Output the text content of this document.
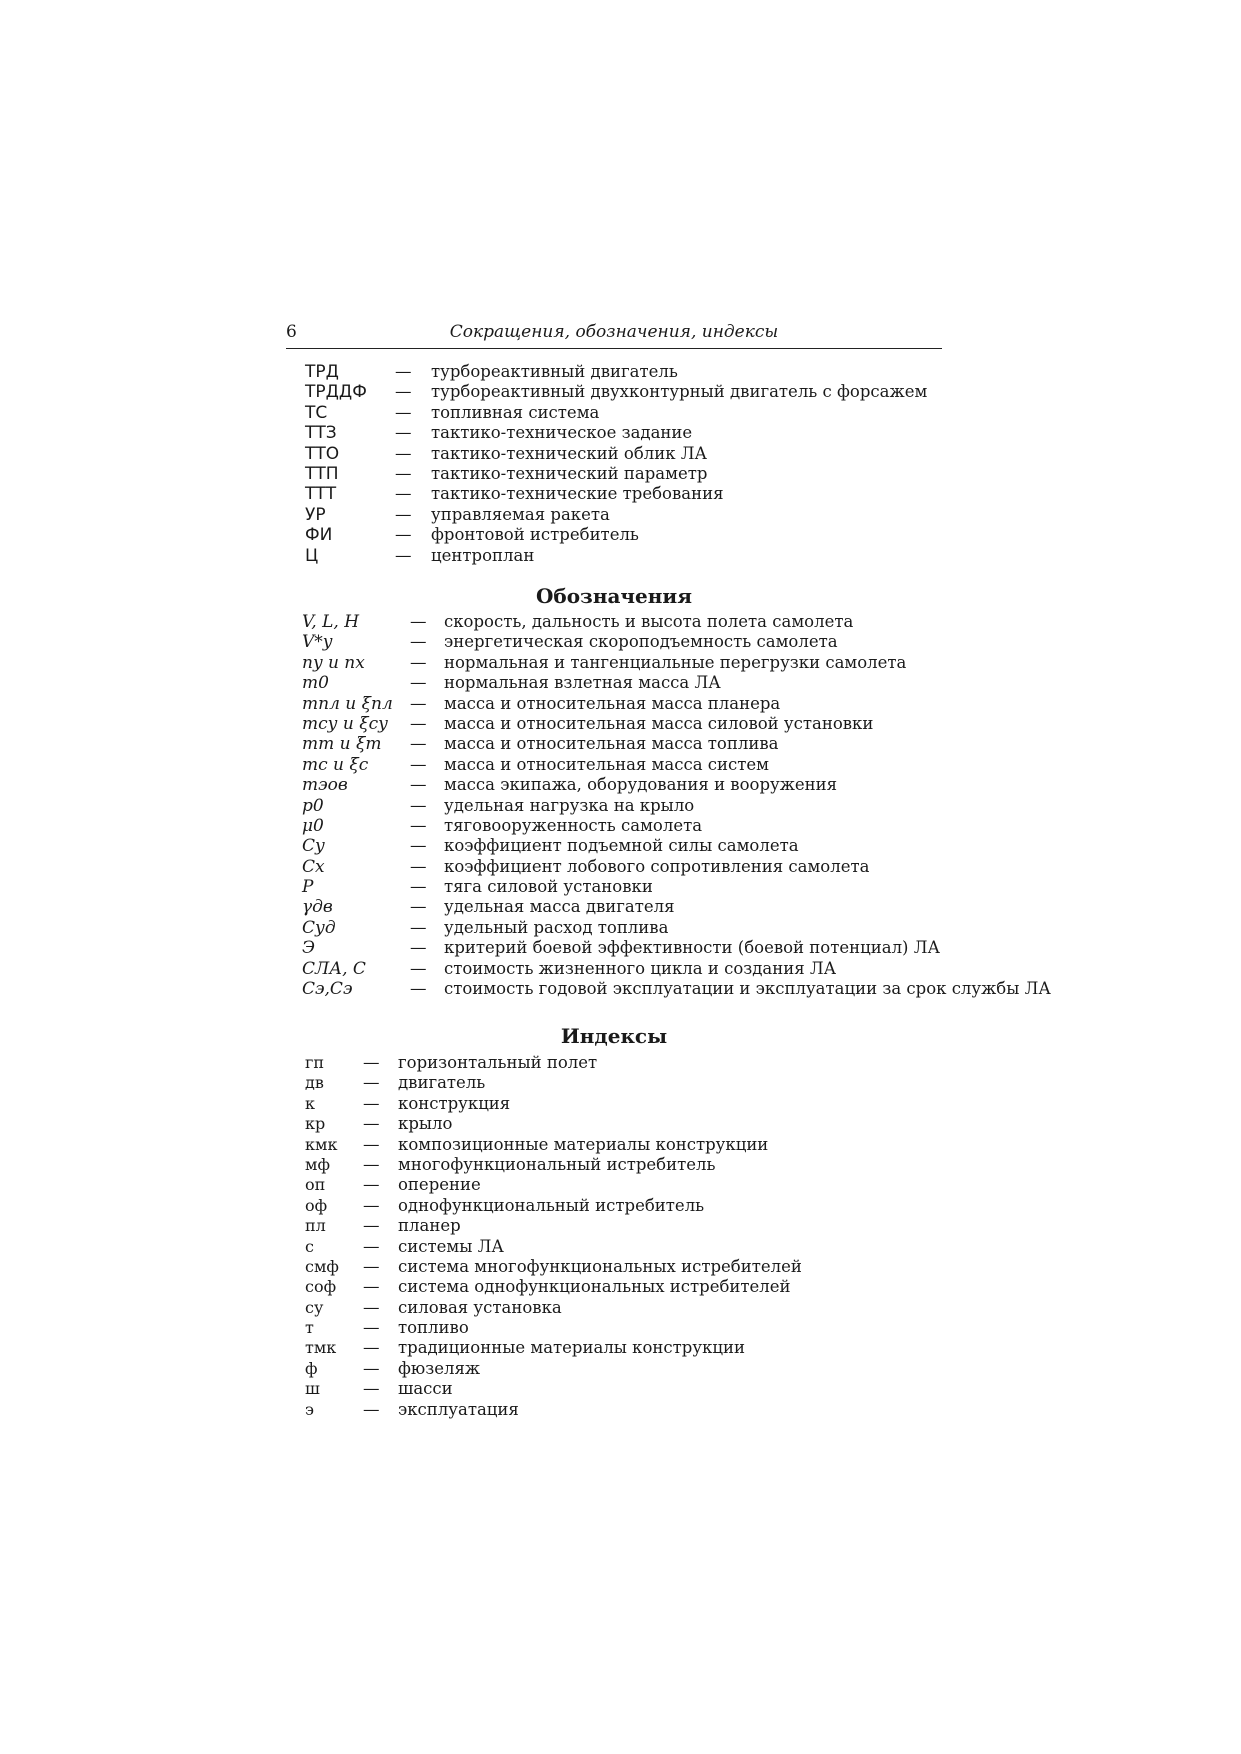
6	Сокращения, обозначения, индексы
ТРД	— турбореактивный двигатель
ТРДДФ — турбореактивный двухконтурный двигатель с форсажем
ТС	— топливная система
ТТЗ	— тактико-техническое задание
ТТО	— тактико-технический облик ЛА
ТТП	— тактико-технический параметр
ТТТ	— тактико-технические требования
УР	— управляемая ракета
ФИ	— фронтовой истребитель
Ц	— центроплан
Обозначения
V, L, H	— скорость, дальность и высота полета самолета
V*y	— энергетическая скороподъемность самолета
ny и nx	— нормальная и тангенциальные перегрузки самолета
m0	— нормальная взлетная масса ЛА
mпл и ξпл — масса и относительная масса планера
mсу и ξсу — масса и относительная масса силовой установки
mт и ξт — масса и относительная масса топлива
mс и ξс	— масса и относительная масса систем
mэов	— масса экипажа, оборудования и вооружения
p0	— удельная нагрузка на крыло
μ0	— тяговооруженность самолета
Cy	— коэффициент подъемной силы самолета
Cx	— коэффициент лобового сопротивления самолета
P	— тяга силовой установки
γдв	— удельная масса двигателя
Cуд	— удельный расход топлива
Э	— критерий боевой эффективности (боевой потенциал) ЛА
CЛА, C	— стоимость жизненного цикла и создания ЛА
Cэ,Cэ	— стоимость годовой эксплуатации и эксплуатации за срок службы ЛА
Индексы
гп — горизонтальный полет
дв — двигатель
к	— конструкция
кр — крыло
кмк — композиционные материалы конструкции
мф — многофункциональный истребитель
оп — оперение
оф — однофункциональный истребитель
пл — планер
с	— системы ЛА
смф — система многофункциональных истребителей
соф — система однофункциональных истребителей
су — силовая установка
т	— топливо
тмк — традиционные материалы конструкции
ф	— фюзеляж
ш	— шасси
э	— эксплуатация
